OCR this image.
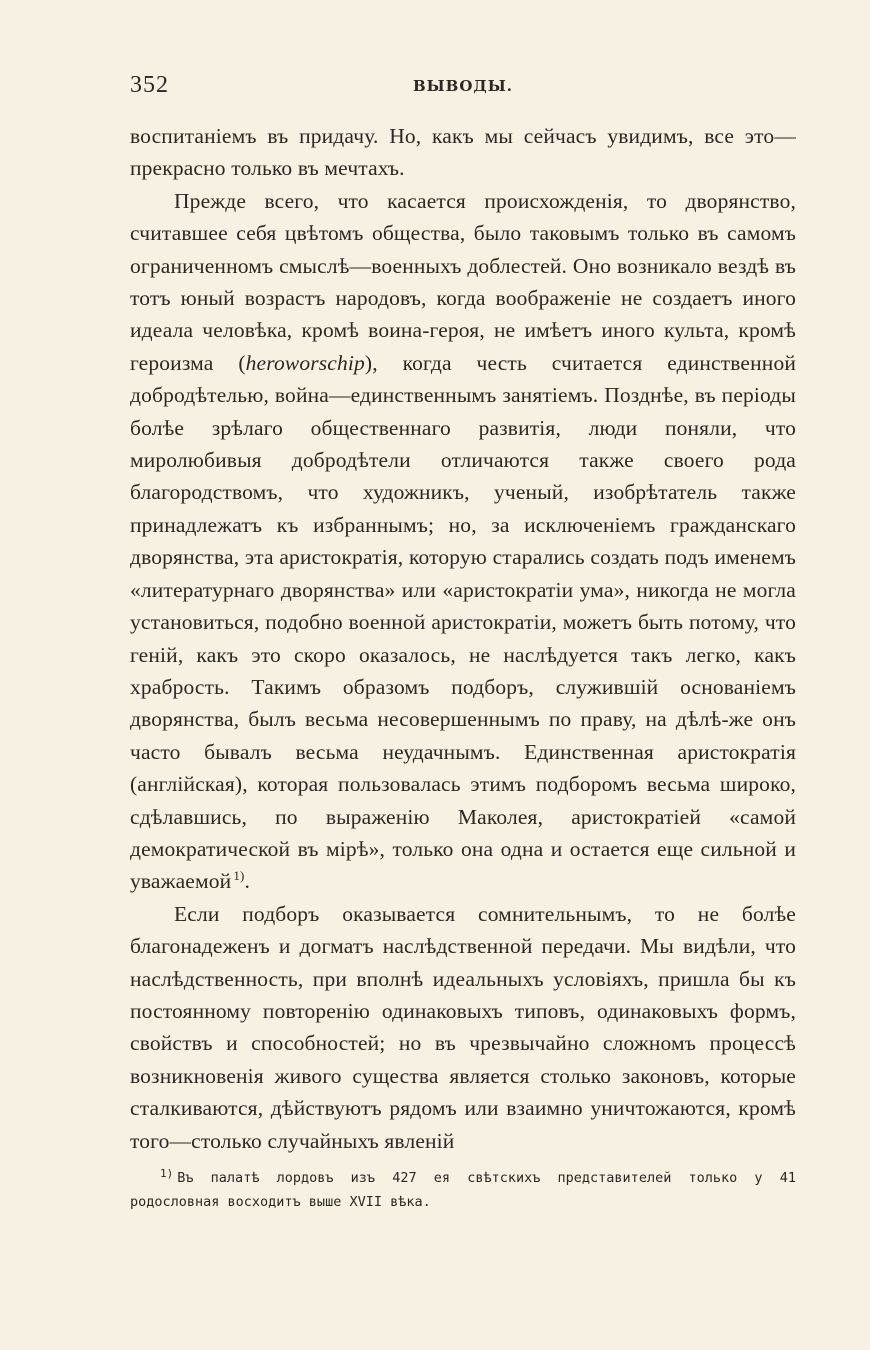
352	ВЫВОДЫ.

воспитаніемъ въ придачу. Но, какъ мы сейчасъ увидимъ, все это—прекрасно только въ мечтахъ.

Прежде всего, что касается происхожденія, то дворянство, считавшее себя цвѣтомъ общества, было таковымъ только въ самомъ ограниченномъ смыслѣ—военныхъ доблестей. Оно возникало вездѣ въ тотъ юный возрастъ народовъ, когда воображеніе не создаетъ иного идеала человѣка, кромѣ воина-героя, не имѣетъ иного культа, кромѣ героизма (heroworschip), когда честь считается единственной добродѣтелью, война—единственнымъ занятіемъ. Позднѣе, въ періоды болѣе зрѣлаго общественнаго развитія, люди поняли, что миролюбивыя добродѣтели отличаются также своего рода благородствомъ, что художникъ, ученый, изобрѣтатель также принадлежатъ къ избраннымъ; но, за исключеніемъ гражданскаго дворянства, эта аристократія, которую старались создать подъ именемъ «литературнаго дворянства» или «аристократіи ума», никогда не могла установиться, подобно военной аристократіи, можетъ быть потому, что геній, какъ это скоро оказалось, не наслѣдуется такъ легко, какъ храбрость. Такимъ образомъ подборъ, служившій основаніемъ дворянства, былъ весьма несовершеннымъ по праву, на дѣлѣ-же онъ часто бывалъ весьма неудачнымъ. Единственная аристократія (англійская), которая пользовалась этимъ подборомъ весьма широко, сдѣлавшись, по выраженію Маколея, аристократіей «самой демократической въ мірѣ», только она одна и остается еще сильной и уважаемой $^{1)}$.

Если подборъ оказывается сомнительнымъ, то не болѣе благонадеженъ и догматъ наслѣдственной передачи. Мы видѣли, что наслѣдственность, при вполнѣ идеальныхъ условіяхъ, пришла бы къ постоянному повторенію одинаковыхъ типовъ, одинаковыхъ формъ, свойствъ и способностей; но въ чрезвычайно сложномъ процессѣ возникновенія живого существа является столько законовъ, которые сталкиваются, дѣйствуютъ рядомъ или взаимно уничтожаются, кромѣ того—столько случайныхъ явленій

$^{1)}$ Въ палатѣ лордовъ изъ 427 ея свѣтскихъ представителей только у 41 родословная восходитъ выше XVII вѣка.
